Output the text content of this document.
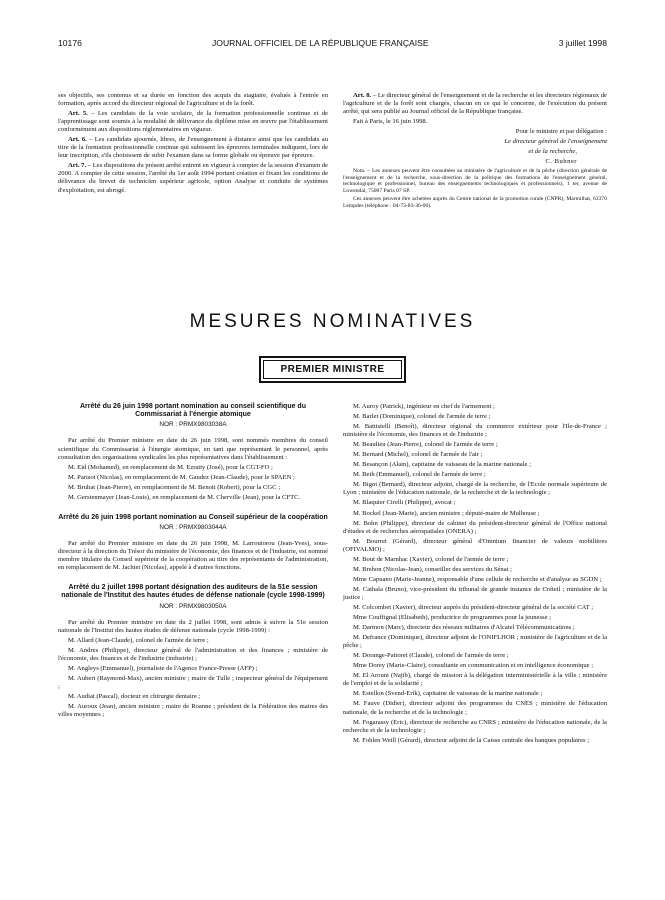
10176	JOURNAL OFFICIEL DE LA RÉPUBLIQUE FRANÇAISE	3 juillet 1998

ses objectifs, ses contenus et sa durée en fonction des acquis du stagiaire, évalués à l'entrée en formation, après accord du directeur régional de l'agriculture et de la forêt.

Art. 5. – Les candidats de la voie scolaire, de la formation professionnelle continue et de l'apprentissage sont soumis à la modalité de délivrance du diplôme mise en œuvre par l'établissement conformément aux dispositions réglementaires en vigueur.

Art. 6. – Les candidats ajournés, libres, de l'enseignement à distance ainsi que les candidats au titre de la formation professionnelle continue qui subissent les épreuves terminales indiquent, lors de leur inscription, s'ils choisissent de subir l'examen dans sa forme globale ou épreuve par épreuve.

Art. 7. – Les dispositions du présent arrêté entrent en vigueur à compter de la session d'examen de 2000. A compter de cette session, l'arrêté du 1er août 1994 portant création et fixant les conditions de délivrance du brevet de technicien supérieur agricole, option Analyse et conduite de systèmes d'exploitation, est abrogé.

Art. 8. – Le directeur général de l'enseignement et de la recherche et les directeurs régionaux de l'agriculture et de la forêt sont chargés, chacun en ce qui le concerne, de l'exécution du présent arrêté, qui sera publié au Journal officiel de la République française.

Fait à Paris, le 16 juin 1998.

Pour le ministre et par délégation :

Le directeur général de l'enseignement

et de la recherche,

C. Buhner

Nota. – Les annexes peuvent être consultées au ministère de l'agriculture et de la pêche (direction générale de l'enseignement et de la recherche, sous-direction de la politique des formations de l'enseignement général, technologique et professionnel, bureau des enseignements technologiques et professionnels), 1 ter, avenue de Lowendal, 75007 Paris 07 SP.

Ces annexes peuvent être achetées auprès du Centre national de la promotion rurale (CNPR), Marmilhat, 63370 Lempdes (téléphone : 04-73-83-36-00).

MESURES NOMINATIVES
PREMIER MINISTRE
Arrêté du 26 juin 1998 portant nomination au conseil scientifique du Commissariat à l'énergie atomique
NOR : PRMX9803038A

Par arrêté du Premier ministre en date du 26 juin 1998, sont nommés membres du conseil scientifique du Commissariat à l'énergie atomique, en tant que représentant le personnel, après consultation des organisations syndicales les plus représentatives dans l'établissement :

M. Eid (Mohamed), en remplacement de M. Ezratty (José), pour la CGT-FO ;

M. Parisot (Nicolas), en remplacement de M. Gaudez (Jean-Claude), pour le SPAEN ;

M. Bruhat (Jean-Pierre), en remplacement de M. Benoit (Robert), pour la CGC ;

M. Gerstenmayer (Jean-Louis), en remplacement de M. Cherville (Jean), pour la CFTC.

Arrêté du 26 juin 1998 portant nomination au Conseil supérieur de la coopération
NOR : PRMX9803044A

Par arrêté du Premier ministre en date du 26 juin 1998, M. Larroutorou (Jean-Yves), sous-directeur à la direction du Trésor du ministère de l'économie, des finances et de l'industrie, est nommé membre titulaire du Conseil supérieur de la coopération au titre des représentants de l'administration, en remplacement de M. Jachiet (Nicolas), appelé à d'autres fonctions.

Arrêté du 2 juillet 1998 portant désignation des auditeurs de la 51e session nationale de l'Institut des hautes études de défense nationale (cycle 1998-1999)
NOR : PRMX9803050A

Par arrêté du Premier ministre en date du 2 juillet 1998, sont admis à suivre la 51e session nationale de l'Institut des hautes études de défense nationale (cycle 1998-1999) :

M. Allard (Jean-Claude), colonel de l'armée de terre ;

M. Andres (Philippe), directeur général de l'administration et des finances ; ministère de l'économie, des finances et de l'industrie (industrie) ;

M. Angleys (Emmanuel), journaliste de l'Agence France-Presse (AFP) ;

M. Aubert (Raymond-Max), ancien ministre ; maire de Tulle ; inspecteur général de l'équipement ;

M. Audiat (Pascal), docteur en chirurgie dentaire ;

M. Auroux (Jean), ancien ministre ; maire de Roanne ; président de la Fédération des maires des villes moyennes ;

M. Auroy (Patrick), ingénieur en chef de l'armement ;

M. Barlet (Dominique), colonel de l'armée de terre ;

M. Battistelli (Benoît), directeur régional du commerce extérieur pour l'Ile-de-France ; ministère de l'économie, des finances et de l'industrie ;

M. Beaulieu (Jean-Pierre), colonel de l'armée de terre ;

M. Bernard (Michel), colonel de l'armée de l'air ;

M. Besançon (Alain), capitaine de vaisseau de la marine nationale ;

M. Beth (Emmanuel), colonel de l'armée de terre ;

M. Bigot (Bernard), directeur adjoint, chargé de la recherche, de l'Ecole normale supérieure de Lyon ; ministère de l'éducation nationale, de la recherche et de la technologie ;

M. Blaquier Cirelli (Philippe), avocat ;

M. Bockel (Jean-Marie), ancien ministre ; député-maire de Mulhouse ;

M. Bohn (Philippe), directeur de cabinet du président-directeur général de l'Office national d'études et de recherches aérospatiales (ONERA) ;

M. Bourret (Gérard), directeur général d'Omnium financier de valeurs mobilières (OFIVALMO) ;

M. Bout de Marnhac (Xavier), colonel de l'armée de terre ;

M. Brehon (Nicolas-Jean), conseiller des services du Sénat ;

Mme Capuano (Marie-Jeanne), responsable d'une cellule de recherche et d'analyse au SGDN ;

M. Cathala (Bruno), vice-président du tribunal de grande instance de Créteil ; ministère de la justice ;

M. Colcombet (Xavier), directeur auprès du président-directeur général de la société CAT ;

Mme Couffignal (Elisabeth), productrice de programmes pour la jeunesse ;

M. Darmon (Marc), directeur des réseaux militaires d'Alcatel Télécommunications ;

M. Defrance (Dominique), directeur adjoint de l'ONIFLHOR ; ministère de l'agriculture et de la pêche ;

M. Dorange-Pattoret (Claude), colonel de l'armée de terre ;

Mme Dorey (Marie-Claire), consultante en communication et en intelligence économique ;

M. El Arouni (Najib), chargé de mission à la délégation interministérielle à la ville ; ministère de l'emploi et de la solidarité ;

M. Estellon (Svend-Erik), capitaine de vaisseau de la marine nationale ;

M. Fauve (Didier), directeur adjoint des programmes du CNES ; ministère de l'éducation nationale, de la recherche et de la technologie ;

M. Fogarassy (Eric), directeur de recherche au CNRS ; ministère de l'éducation nationale, de la recherche et de la technologie ;

M. Fohlen Weill (Gérard), directeur adjoint de la Caisse centrale des banques populaires ;
